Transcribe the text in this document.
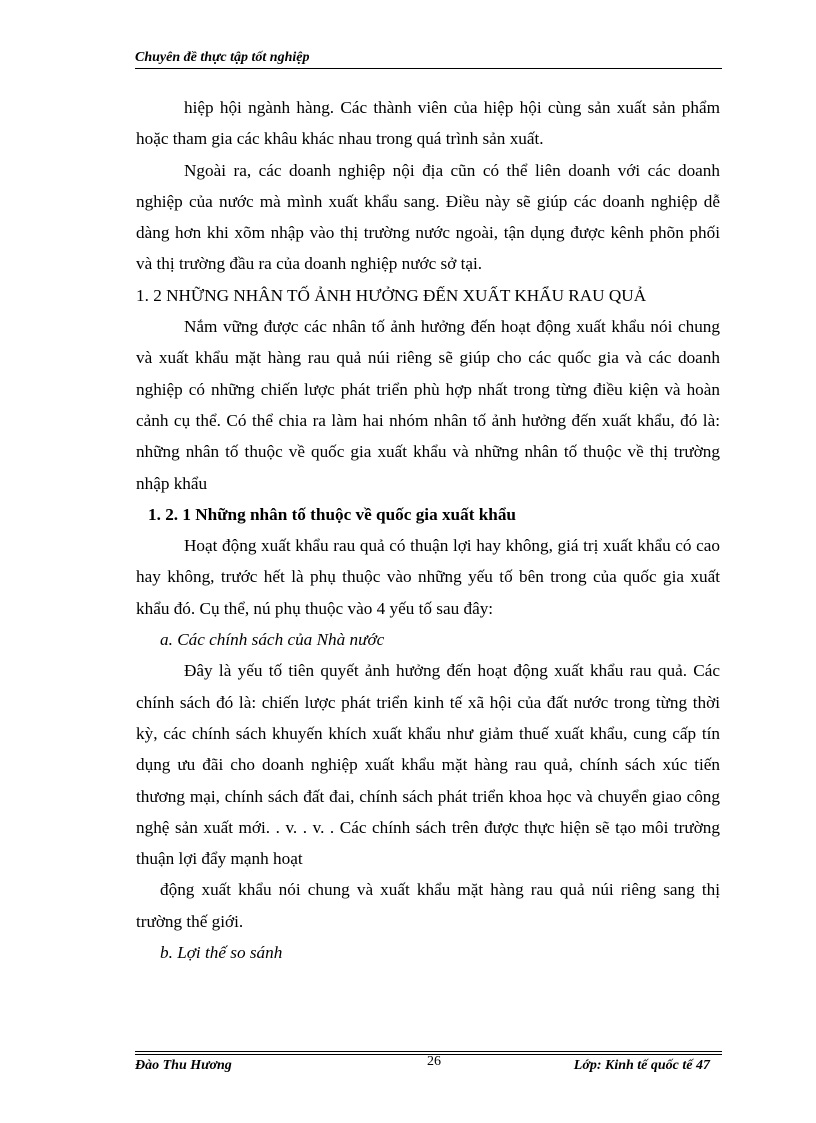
Chuyên đề thực tập tốt nghiệp

hiệp hội ngành hàng. Các thành viên của hiệp hội cùng sản xuất sản phẩm hoặc tham gia các khâu khác nhau trong quá trình sản xuất.

Ngoài ra, các doanh nghiệp nội địa cũn có thể liên doanh với các doanh nghiệp của nước mà mình xuất khẩu sang. Điều này sẽ giúp các doanh nghiệp dễ dàng hơn khi xõm nhập vào thị trường nước ngoài, tận dụng được kênh phõn phối và thị trường đầu ra của doanh nghiệp nước sở tại.

1. 2 NHỮNG NHÂN TỐ ẢNH HƯỞNG ĐẾN XUẤT KHẨU RAU QUẢ

Nắm vững được các nhân tố ảnh hưởng đến hoạt động xuất khẩu nói chung và xuất khẩu mặt hàng rau quả núi riêng sẽ giúp cho các quốc gia và các doanh nghiệp có những chiến lược phát triển phù hợp nhất trong từng điều kiện và hoàn cảnh cụ thể. Có thể chia ra làm hai nhóm nhân tố ảnh hưởng đến xuất khẩu, đó là: những nhân tố thuộc về quốc gia xuất khẩu và những nhân tố thuộc về thị trường nhập khẩu

1. 2. 1 Những nhân tố thuộc về quốc gia xuất khẩu

Hoạt động xuất khẩu rau quả có thuận lợi hay không, giá trị xuất khẩu có cao hay không, trước hết là phụ thuộc vào những yếu tố bên trong của quốc gia xuất khẩu đó. Cụ thể, nú phụ thuộc vào 4 yếu tố sau đây:

a. Các chính sách của Nhà nước

Đây là yếu tố tiên quyết ảnh hưởng đến hoạt động xuất khẩu rau quả. Các chính sách đó là: chiến lược phát triển kinh tế xã hội của đất nước trong từng thời kỳ, các chính sách khuyến khích xuất khẩu như giảm thuế xuất khẩu, cung cấp tín dụng ưu đãi cho doanh nghiệp xuất khẩu mặt hàng rau quả, chính sách xúc tiến thương mại, chính sách đất đai, chính sách phát triển khoa học và chuyển giao công nghệ sản xuất mới. . v. . v. . Các chính sách trên được thực hiện sẽ tạo môi trường thuận lợi đẩy mạnh hoạt

động xuất khẩu nói chung và xuất khẩu mặt hàng rau quả núi riêng sang thị trường thế giới.

b. Lợi thế so sánh

Đào Thu Hương	26	Lớp: Kinh tế quốc tế 47
